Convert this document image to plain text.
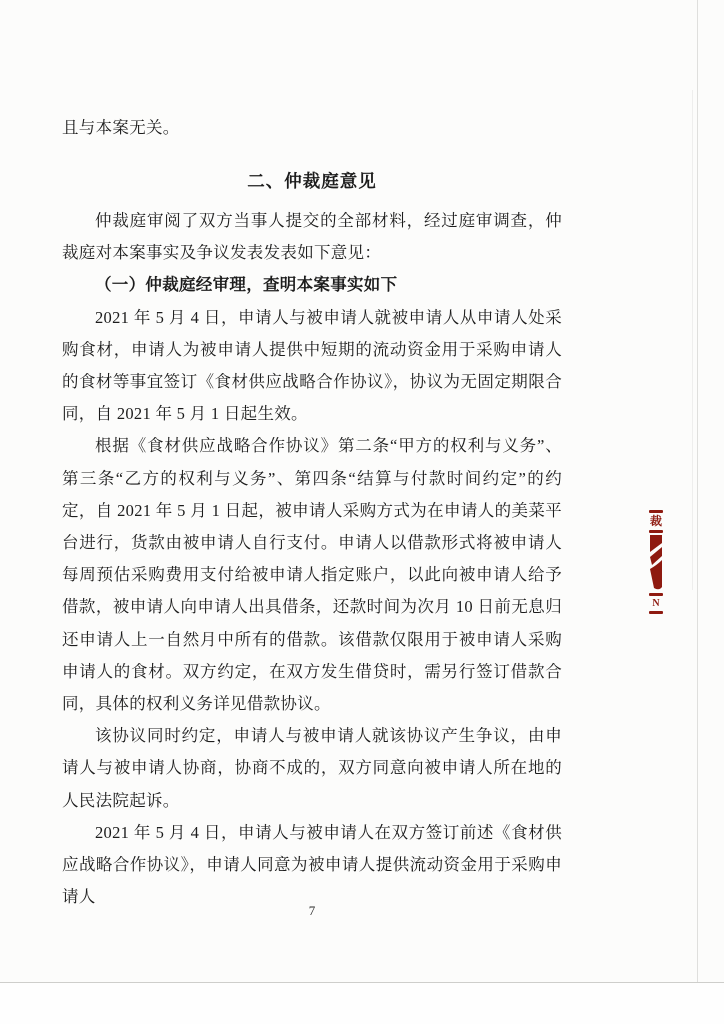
且与本案无关。
二、仲裁庭意见

仲裁庭审阅了双方当事人提交的全部材料，经过庭审调查，仲裁庭对本案事实及争议发表发表如下意见：

（一）仲裁庭经审理，查明本案事实如下

2021 年 5 月 4 日，申请人与被申请人就被申请人从申请人处采购食材，申请人为被申请人提供中短期的流动资金用于采购申请人的食材等事宜签订《食材供应战略合作协议》，协议为无固定期限合同，自 2021 年 5 月 1 日起生效。

根据《食材供应战略合作协议》第二条“甲方的权利与义务”、第三条“乙方的权利与义务”、第四条“结算与付款时间约定”的约定，自 2021 年 5 月 1 日起，被申请人采购方式为在申请人的美菜平台进行，货款由被申请人自行支付。申请人以借款形式将被申请人每周预估采购费用支付给被申请人指定账户，以此向被申请人给予借款，被申请人向申请人出具借条，还款时间为次月 10 日前无息归还申请人上一自然月中所有的借款。该借款仅限用于被申请人采购申请人的食材。双方约定，在双方发生借贷时，需另行签订借款合同，具体的权利义务详见借款协议。

该协议同时约定，申请人与被申请人就该协议产生争议，由申请人与被申请人协商，协商不成的，双方同意向被申请人所在地的人民法院起诉。

2021 年 5 月 4 日，申请人与被申请人在双方签订前述《食材供应战略合作协议》，申请人同意为被申请人提供流动资金用于采购申请人

裁
N
7
